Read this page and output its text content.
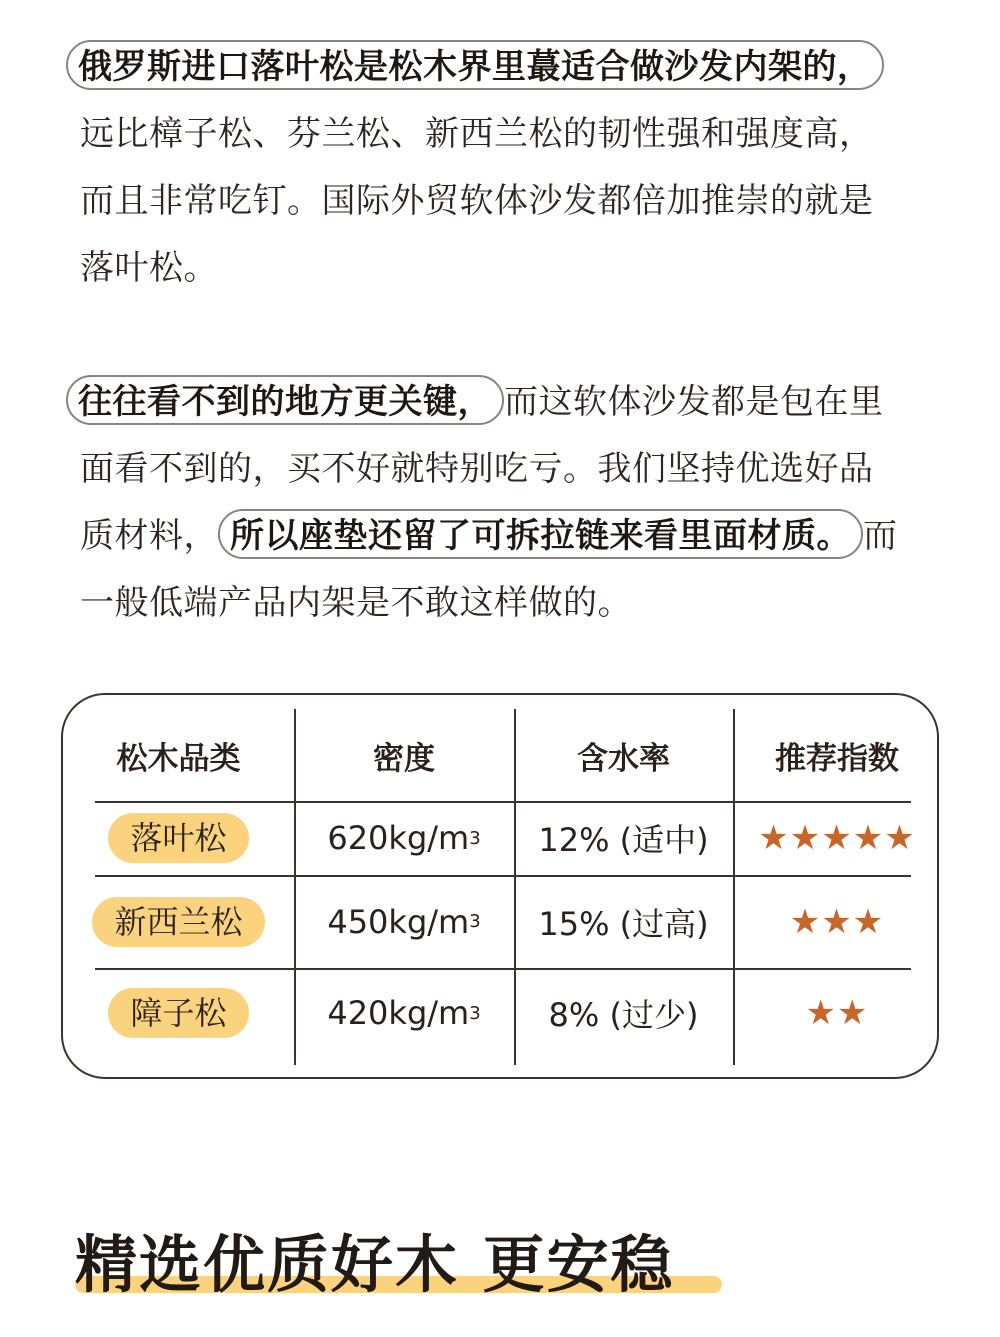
俄罗斯进口落叶松是松木界里蕞适合做沙发内架的，
远比樟子松、芬兰松、新西兰松的韧性强和强度高，
而且非常吃钉。国际外贸软体沙发都倍加推崇的就是
落叶松。
往往看不到的地方更关键， 而这软体沙发都是包在里
面看不到的，买不好就特别吃亏。我们坚持优选好品
质材料， 所以座垫还留了可拆拉链来看里面材质。 而
一般低端产品内架是不敢这样做的。
松木品类	密度	含水率	推荐指数
落叶松	620kg/m 3	12% (适中)	★ ★ ★ ★ ★
新西兰松	450kg/m 3	15% (过高)	★ ★ ★
障子松	420kg/m 3	8% (过少)	★ ★
精选优质好木 更安稳
